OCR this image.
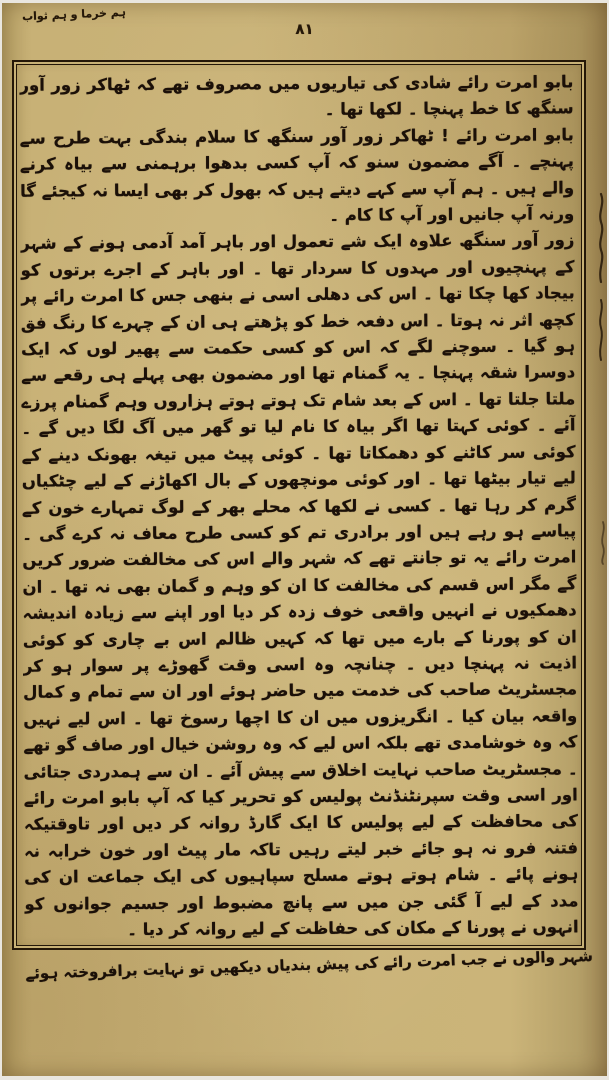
ہم خرما و ہم ثواب
۸۱

بابو امرت رائے شادی کی تیاریوں میں مصروف تھے کہ ٹھاکر زور آور سنگھ کا خط پہنچا ۔ لکھا تھا ۔

بابو امرت رائے ! ٹھاکر زور آور سنگھ کا سلام بندگی بہت طرح سے پہنچے ۔ آگے مضمون سنو کہ آپ کسی بدھوا برہمنی سے بیاہ کرنے والے ہیں ۔ ہم آپ سے کہے دیتے ہیں کہ بھول کر بھی ایسا نہ کیجئے گا ورنہ آپ جانیں اور آپ کا کام ۔

زور آور سنگھ علاوہ ایک شے تعمول اور باہر آمد آدمی ہونے کے شہر کے پہنچیوں اور مہدوں کا سردار تھا ۔ اور باہر کے اجرے برتوں کو بیجاد کھا چکا تھا ۔ اس کی دھلی اسی نے بنھی جس کا امرت رائے پر کچھ اثر نہ ہوتا ۔ اس دفعہ خط کو پڑھتے ہی ان کے چہرے کا رنگ فق ہو گیا ۔ سوچنے لگے کہ اس کو کسی حکمت سے پھیر لوں کہ ایک دوسرا شقہ پہنچا ۔ یہ گمنام تھا اور مضمون بھی پہلے ہی رقعے سے ملتا جلتا تھا ۔ اس کے بعد شام تک ہوتے ہوتے ہزاروں وہم گمنام پرزے آئے ۔ کوئی کہتا تھا اگر بیاہ کا نام لیا تو گھر میں آگ لگا دیں گے ۔ کوئی سر کاٹنے کو دھمکاتا تھا ۔ کوئی پیٹ میں تیغہ بھونک دینے کے لیے تیار بیٹھا تھا ۔ اور کوئی مونچھوں کے بال اکھاڑنے کے لیے چٹکیاں گرم کر رہا تھا ۔ کسی نے لکھا کہ محلے بھر کے لوگ تمہارے خون کے پیاسے ہو رہے ہیں اور برادری تم کو کسی طرح معاف نہ کرے گی ۔ امرت رائے یہ تو جانتے تھے کہ شہر والے اس کی مخالفت ضرور کریں گے مگر اس قسم کی مخالفت کا ان کو وہم و گمان بھی نہ تھا ۔ ان دھمکیوں نے انہیں واقعی خوف زدہ کر دیا اور اپنے سے زیادہ اندیشہ ان کو پورنا کے بارے میں تھا کہ کہیں ظالم اس بے چاری کو کوئی اذیت نہ پہنچا دیں ۔ چنانچہ وہ اسی وقت گھوڑے پر سوار ہو کر مجسٹریٹ صاحب کی خدمت میں حاضر ہوئے اور ان سے تمام و کمال واقعہ بیان کیا ۔ انگریزوں میں ان کا اچھا رسوخ تھا ۔ اس لیے نہیں کہ وہ خوشامدی تھے بلکہ اس لیے کہ وہ روشن خیال اور صاف گو تھے ۔ مجسٹریٹ صاحب نہایت اخلاق سے پیش آئے ۔ ان سے ہمدردی جتائی اور اسی وقت سپرنٹنڈنٹ پولیس کو تحریر کیا کہ آپ بابو امرت رائے کی محافظت کے لیے پولیس کا ایک گارڈ روانہ کر دیں اور تاوقتیکہ فتنہ فرو نہ ہو جائے خبر لیتے رہیں تاکہ مار پیٹ اور خون خرابہ نہ ہونے پائے ۔ شام ہوتے ہوتے مسلح سپاہیوں کی ایک جماعت ان کی مدد کے لیے آ گئی جن میں سے پانچ مضبوط اور جسیم جوانوں کو انہوں نے پورنا کے مکان کی حفاظت کے لیے روانہ کر دیا ۔

شہر والوں نے جب امرت رائے کی پیش بندیاں دیکھیں تو نہایت برافروختہ ہوئے
